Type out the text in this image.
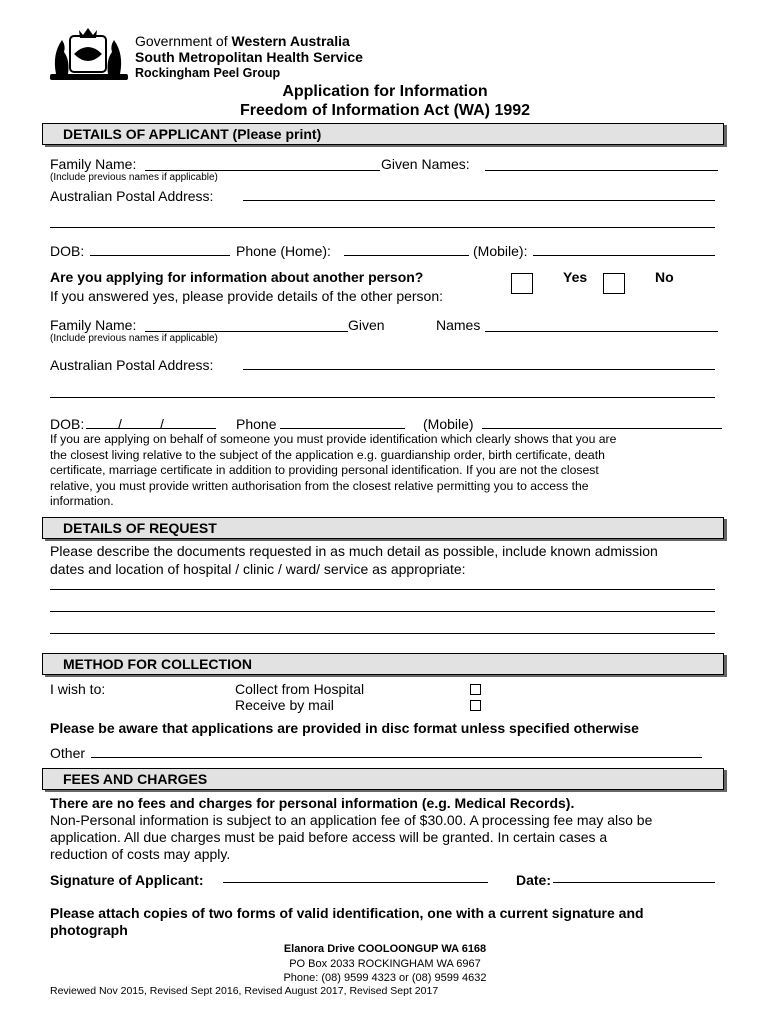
Government of Western Australia
South Metropolitan Health Service
Rockingham Peel Group
Application for Information
Freedom of Information Act (WA) 1992
DETAILS OF APPLICANT (Please print)
Family Name:	Given Names:
(Include previous names if applicable)
Australian Postal Address:
DOB:	Phone (Home):	(Mobile):
Are you applying for information about another person?	Yes	No
If you answered yes, please provide details of the other person:
Family Name:	Given	Names
(Include previous names if applicable)
Australian Postal Address:
DOB: /	/	Phone	(Mobile)
If you are applying on behalf of someone you must provide identification which clearly shows that you are
the closest living relative to the subject of the application e.g. guardianship order, birth certificate, death
certificate, marriage certificate in addition to providing personal identification. If you are not the closest
relative, you must provide written authorisation from the closest relative permitting you to access the
information.
DETAILS OF REQUEST
Please describe the documents requested in as much detail as possible, include known admission
dates and location of hospital / clinic / ward/ service as appropriate:
METHOD FOR COLLECTION
I wish to:	Collect from Hospital
Receive by mail
Please be aware that applications are provided in disc format unless specified otherwise
Other
FEES AND CHARGES
There are no fees and charges for personal information (e.g. Medical Records).
Non-Personal information is subject to an application fee of $30.00. A processing fee may also be
application. All due charges must be paid before access will be granted. In certain cases a
reduction of costs may apply.
Signature of Applicant:	Date:
Please attach copies of two forms of valid identification, one with a current signature and
photograph
Elanora Drive COOLOONGUP WA 6168
PO Box 2033 ROCKINGHAM WA 6967
Phone: (08) 9599 4323 or (08) 9599 4632
Reviewed Nov 2015, Revised Sept 2016, Revised August 2017, Revised Sept 2017
